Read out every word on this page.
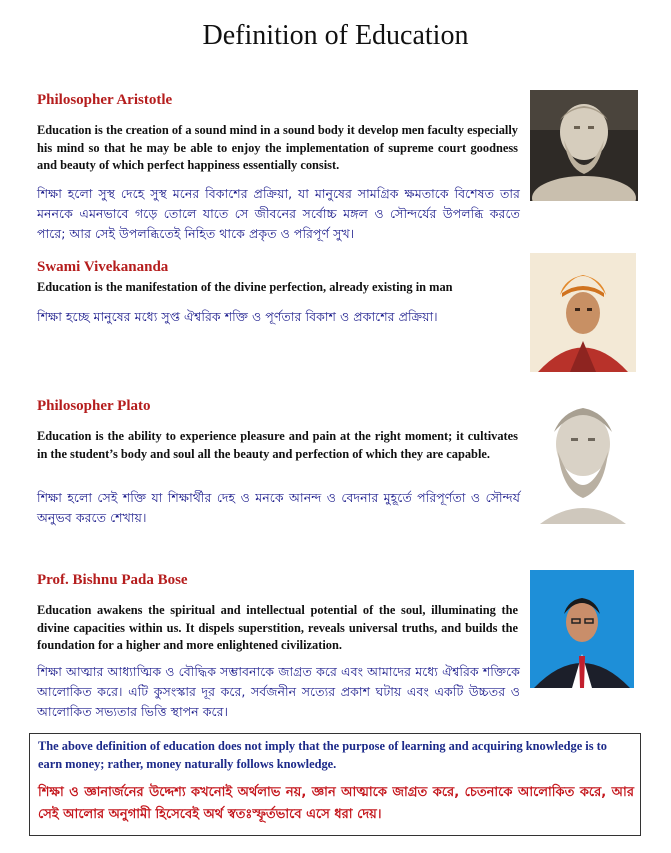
Definition of Education
Philosopher Aristotle
Education is the creation of a sound mind in a sound body it develop men faculty especially his mind so that he may be able to enjoy the implementation of supreme court goodness and beauty of which perfect happiness essentially consist.
শিক্ষা হলো সুস্থ দেহে সুস্থ মনের বিকাশের প্রক্রিয়া, যা মানুষের সামগ্রিক ক্ষমতাকে বিশেষত তার মননকে এমনভাবে গড়ে তোলে যাতে সে জীবনের সর্বোচ্চ মঙ্গল ও সৌন্দর্যের উপলব্ধি করতে পারে; আর সেই উপলব্ধিতেই নিহিত থাকে প্রকৃত ও পরিপূর্ণ সুখ।
Swami Vivekananda
Education is the manifestation of the divine perfection, already existing in man
শিক্ষা হচ্ছে মানুষের মধ্যে সুপ্ত ঐশ্বরিক শক্তি ও পূর্ণতার বিকাশ ও প্রকাশের প্রক্রিয়া।
Philosopher Plato
Education is the ability to experience pleasure and pain at the right moment; it cultivates in the student’s body and soul all the beauty and perfection of which they are capable.
শিক্ষা হলো সেই শক্তি যা শিক্ষার্থীর দেহ ও মনকে আনন্দ ও বেদনার মুহূর্তে পরিপূর্ণতা ও সৌন্দর্য অনুভব করতে শেখায়।
Prof. Bishnu Pada Bose
Education awakens the spiritual and intellectual potential of the soul, illuminating the divine capacities within us. It dispels superstition, reveals universal truths, and builds the foundation for a higher and more enlightened civilization.
শিক্ষা আত্মার আধ্যাত্মিক ও বৌদ্ধিক সম্ভাবনাকে জাগ্রত করে এবং আমাদের মধ্যে ঐশ্বরিক শক্তিকে আলোকিত করে। এটি কুসংস্কার দূর করে, সর্বজনীন সত্যের প্রকাশ ঘটায় এবং একটি উচ্চতর ও আলোকিত সভ্যতার ভিত্তি স্থাপন করে।
The above definition of education does not imply that the purpose of learning and acquiring knowledge is to earn money; rather, money naturally follows knowledge.
শিক্ষা ও জ্ঞানার্জনের উদ্দেশ্য কখনোই অর্থলাভ নয়, জ্ঞান আত্মাকে জাগ্রত করে, চেতনাকে আলোকিত করে, আর সেই আলোর অনুগামী হিসেবেই অর্থ স্বতঃস্ফূর্তভাবে এসে ধরা দেয়।
